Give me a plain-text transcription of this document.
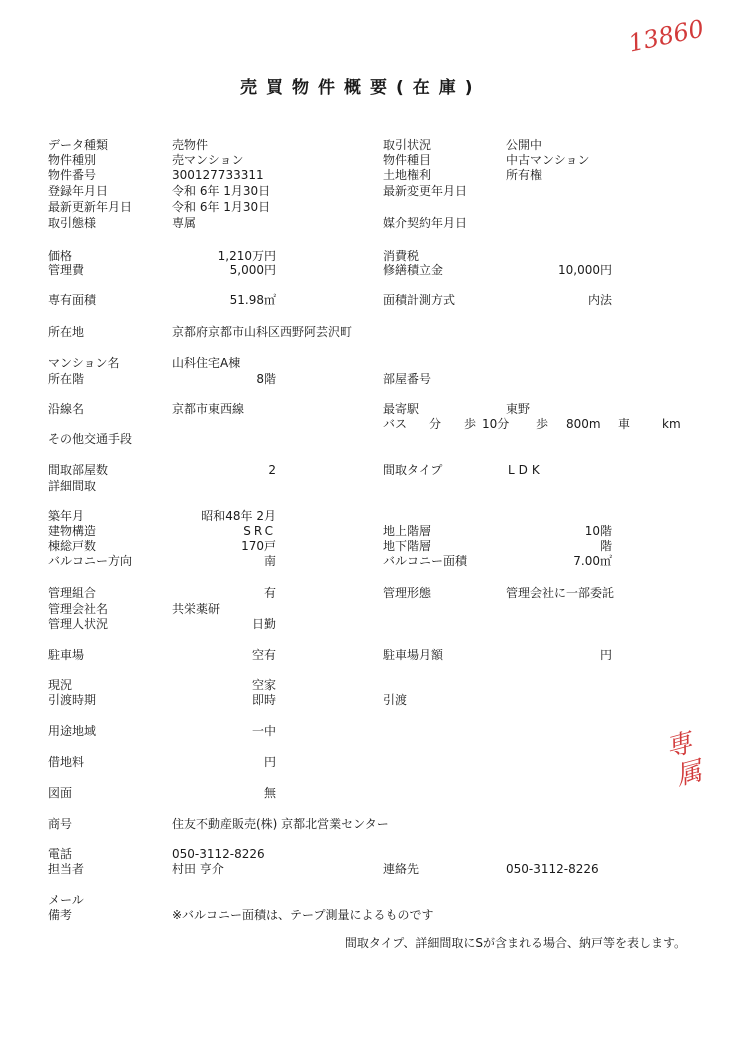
13860
専
属
売買物件概要(在庫)
データ種類	売物件	取引状況	公開中
物件種別	売マンション	物件種目	中古マンション
物件番号	300127733311	土地権利	所有権
登録年月日	令和 6年 1月30日	最新変更年月日
最新更新年月日	令和 6年 1月30日
取引態様	専属	媒介契約年月日
価格	1,210万円	消費税
管理費	5,000円	修繕積立金	10,000円
専有面積	51.98㎡	面積計測方式	内法
所在地	京都府京都市山科区西野阿芸沢町
マンション名	山科住宅A棟
所在階	8階	部屋番号
沿線名	京都市東西線	最寄駅	東野
バス 分 歩 10分 歩 800m 車	km
その他交通手段
間取部屋数	2	間取タイプ	LDK
詳細間取
築年月	昭和48年 2月
建物構造	SRC	地上階層	10階
棟総戸数	170戸	地下階層	階
バルコニー方向	南	バルコニー面積	7.00㎡
管理組合	有	管理形態	管理会社に一部委託
管理会社名	共栄薬研
管理人状況	日勤
駐車場	空有	駐車場月額	円
現況	空家
引渡時期	即時	引渡
用途地域	一中
借地料	円
図面	無
商号	住友不動産販売(株) 京都北営業センター
電話	050-3112-8226
担当者	村田 亨介	連絡先	050-3112-8226
メール
備考	※バルコニー面積は、テープ測量によるものです
間取タイプ、詳細間取にSが含まれる場合、納戸等を表します。
